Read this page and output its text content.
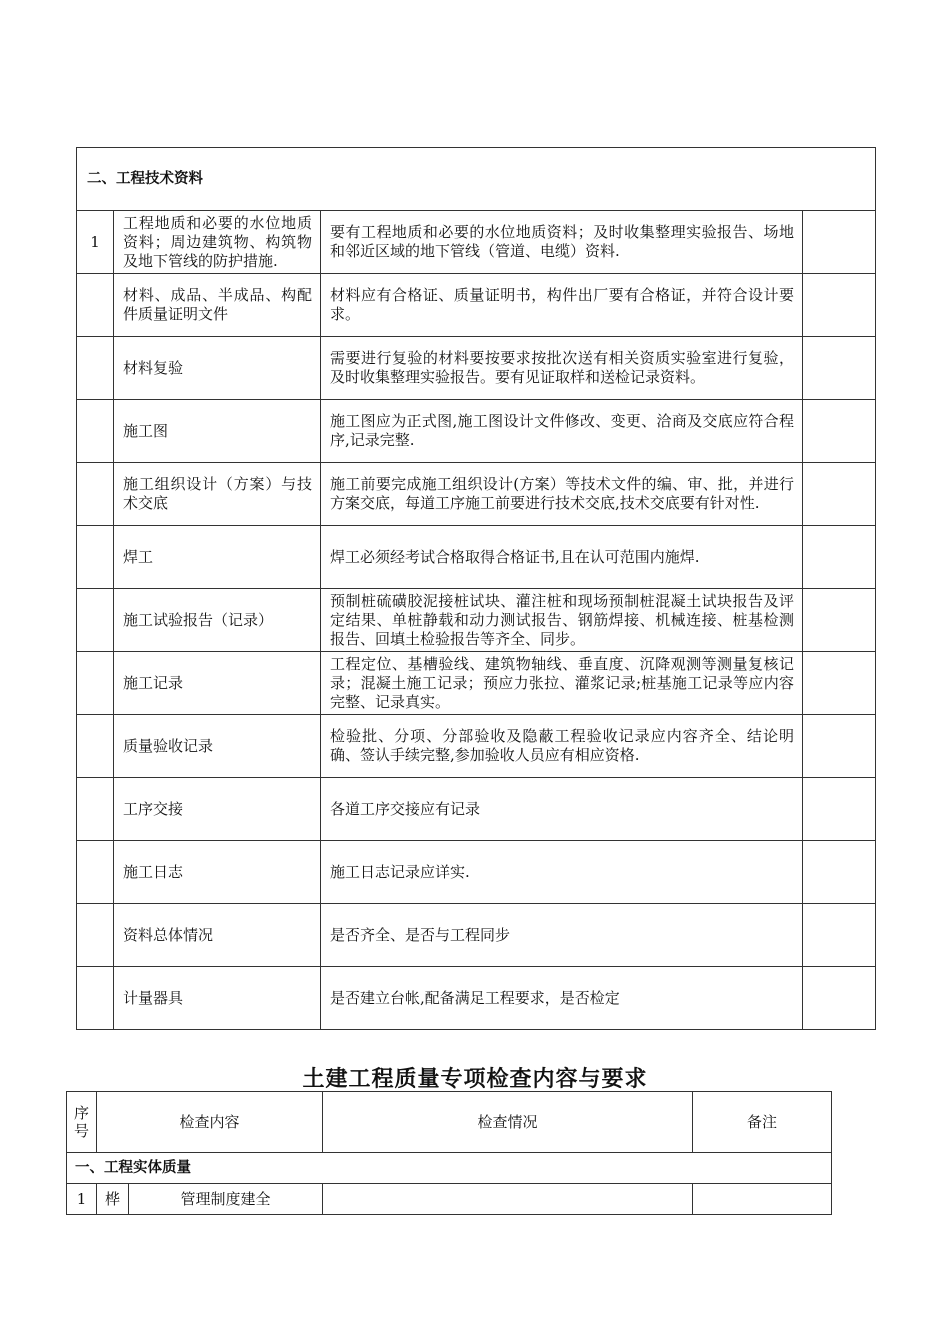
二、工程技术资料			
1	工程地质和必要的水位地质资料；周边建筑物、构筑物及地下管线的防护措施.	要有工程地质和必要的水位地质资料；及时收集整理实验报告、场地和邻近区域的地下管线（管道、电缆）资料.	
	材料、成品、半成品、构配件质量证明文件	材料应有合格证、质量证明书，构件出厂要有合格证，并符合设计要求。	
	材料复验	需要进行复验的材料要按要求按批次送有相关资质实验室进行复验，及时收集整理实验报告。要有见证取样和送检记录资料。	
	施工图	施工图应为正式图,施工图设计文件修改、变更、洽商及交底应符合程序,记录完整.	
	施工组织设计（方案）与技术交底	施工前要完成施工组织设计(方案）等技术文件的编、审、批，并进行方案交底，每道工序施工前要进行技术交底,技术交底要有针对性.	
	焊工	焊工必须经考试合格取得合格证书,且在认可范围内施焊.	
	施工试验报告（记录）	预制桩硫磺胶泥接桩试块、灌注桩和现场预制桩混凝土试块报告及评定结果、单桩静载和动力测试报告、钢筋焊接、机械连接、桩基检测报告、回填土检验报告等齐全、同步。	
	施工记录	工程定位、基槽验线、建筑物轴线、垂直度、沉降观测等测量复核记录；混凝土施工记录；预应力张拉、灌浆记录;桩基施工记录等应内容完整、记录真实。	
	质量验收记录	检验批、分项、分部验收及隐蔽工程验收记录应内容齐全、结论明确、签认手续完整,参加验收人员应有相应资格.	
	工序交接	各道工序交接应有记录	
	施工日志	施工日志记录应详实.	
	资料总体情况	是否齐全、是否与工程同步	
	计量器具	是否建立台帐,配备满足工程要求，是否检定	
土建工程质量专项检查内容与要求
序号	检查内容		检查情况	备注
一、工程实体质量				
1	桦	管理制度建全		
